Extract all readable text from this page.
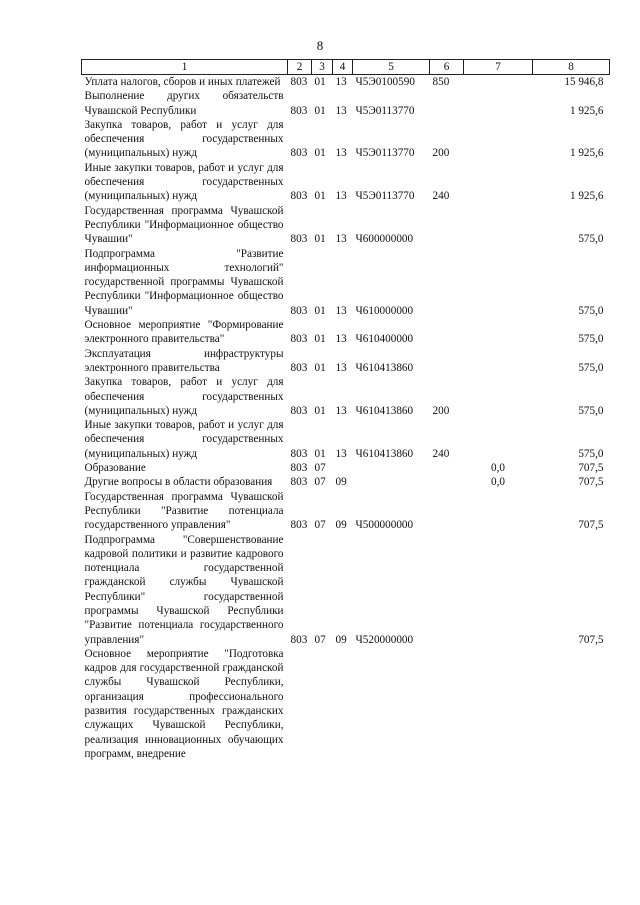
8
1	2	3	4	5	6	7	8
Уплата налогов, сборов и иных платежей	803	01	13	Ч5Э0100590	850		15 946,8
Выполнение других обязательств Чувашской Республики	803	01	13	Ч5Э0113770			1 925,6
Закупка товаров, работ и услуг для обеспечения государственных (муниципальных) нужд	803	01	13	Ч5Э0113770	200		1 925,6
Иные закупки товаров, работ и услуг для обеспечения государственных (муниципальных) нужд	803	01	13	Ч5Э0113770	240		1 925,6
Государственная программа Чувашской Республики "Информационное общество Чувашии"	803	01	13	Ч600000000			575,0
Подпрограмма "Развитие информационных технологий" государственной программы Чувашской Республики "Информационное общество Чувашии"	803	01	13	Ч610000000			575,0
Основное мероприятие "Формирование электронного правительства"	803	01	13	Ч610400000			575,0
Эксплуатация инфраструктуры электронного правительства	803	01	13	Ч610413860			575,0
Закупка товаров, работ и услуг для обеспечения государственных (муниципальных) нужд	803	01	13	Ч610413860	200		575,0
Иные закупки товаров, работ и услуг для обеспечения государственных (муниципальных) нужд	803	01	13	Ч610413860	240		575,0
Образование	803	07				0,0	707,5
Другие вопросы в области образования	803	07	09			0,0	707,5
Государственная программа Чувашской Республики "Развитие потенциала государственного управления"	803	07	09	Ч500000000			707,5
Подпрограмма "Совершенствование кадровой политики и развитие кадрового потенциала государственной гражданской службы Чувашской Республики" государственной программы Чувашской Республики "Развитие потенциала государственного управления"	803	07	09	Ч520000000			707,5
Основное мероприятие "Подготовка кадров для государственной гражданской службы Чувашской Республики, организация профессионального развития государственных гражданских служащих Чувашской Республики, реализация инновационных обучающих программ, внедрение							
